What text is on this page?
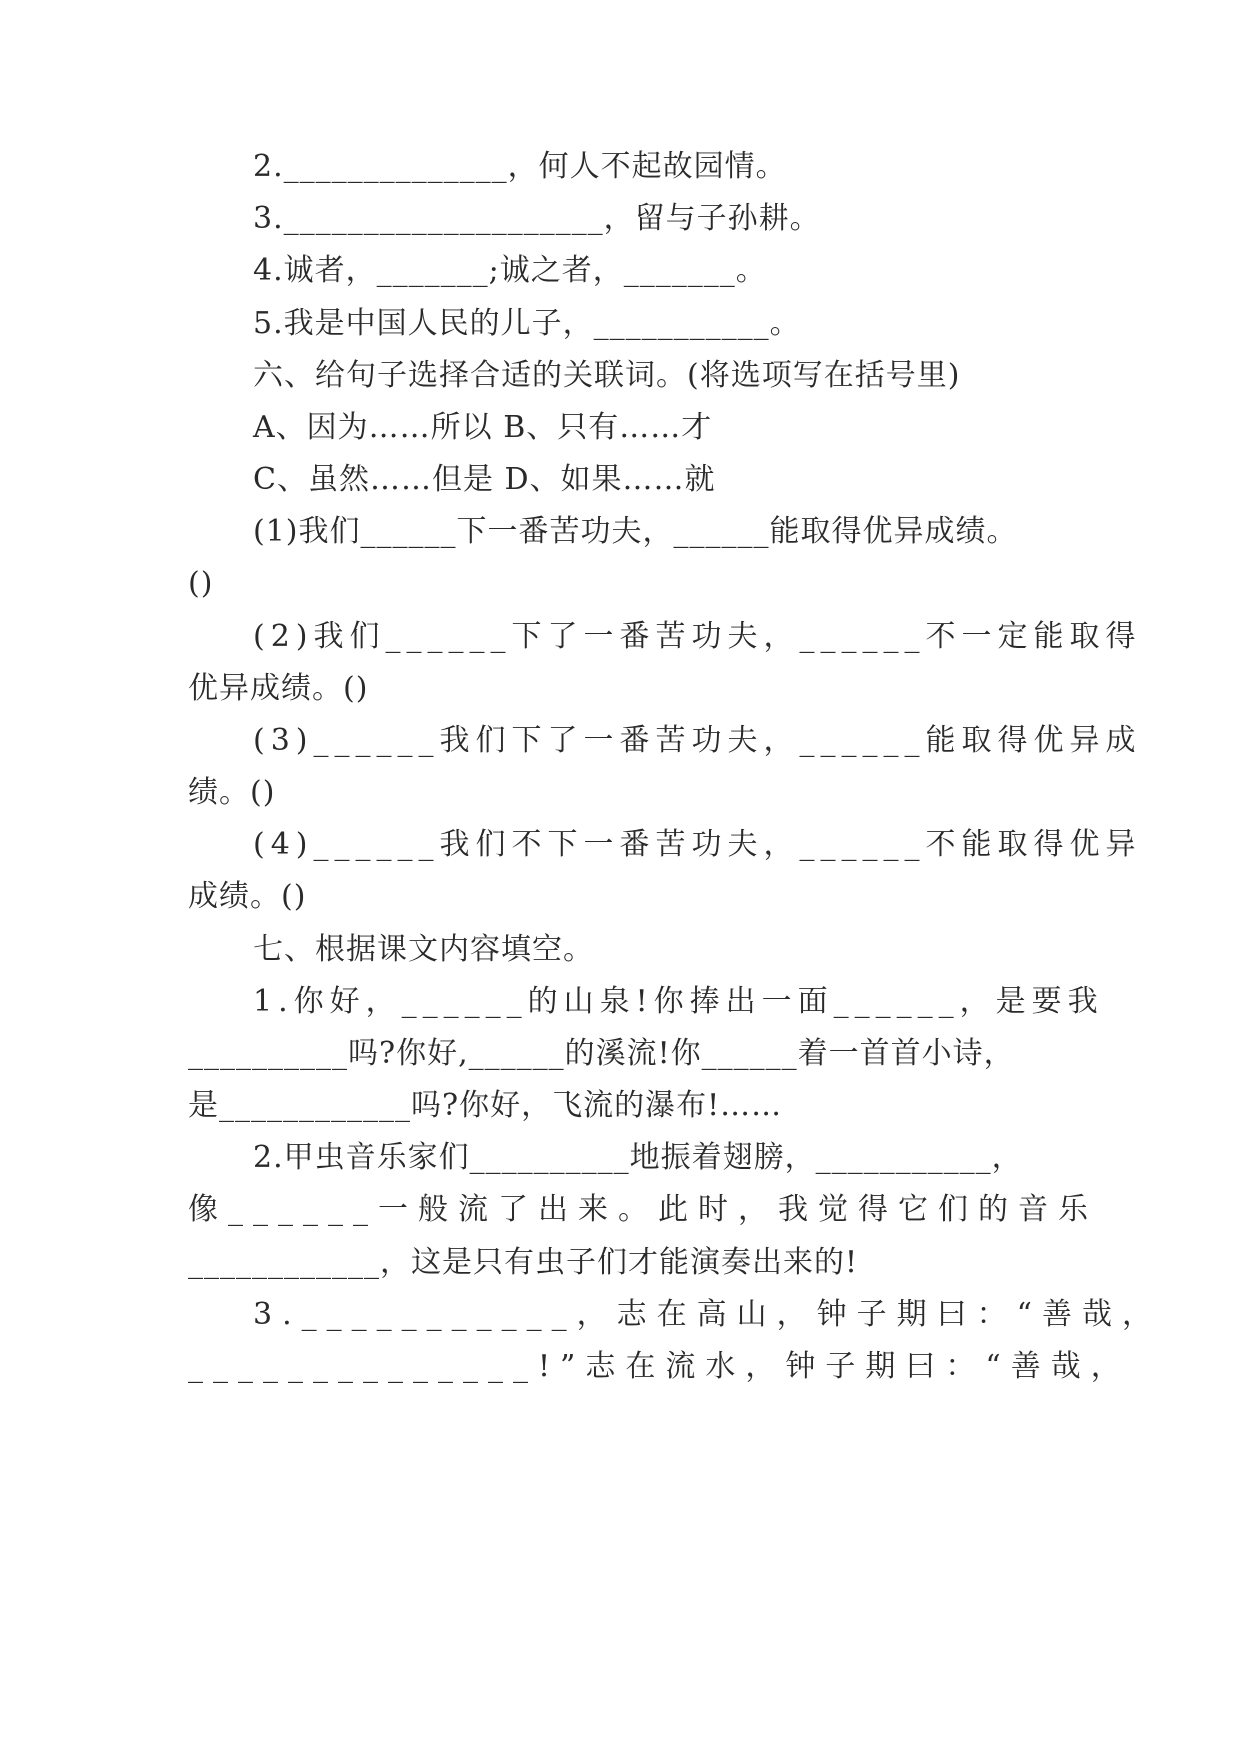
2.______________，何人不起故园情。
3.____________________，留与子孙耕。
4.诚者，_______;诚之者，_______。
5.我是中国人民的儿子，___________。
六、给句子选择合适的关联词。(将选项写在括号里)
A、因为……所以 B、只有……才
C、虽然……但是 D、如果……就
(1)我们______下一番苦功夫，______能取得优异成绩。
()
(2)我们______下了一番苦功夫，______不一定能取得
优异成绩。()
(3)______我们下了一番苦功夫，______能取得优异成
绩。()
(4)______我们不下一番苦功夫，______不能取得优异
成绩。()
七、根据课文内容填空。
1.你好，______的山泉!你捧出一面______，是要我
__________吗?你好,______的溪流!你______着一首首小诗，
是____________吗?你好，飞流的瀑布!……
2.甲虫音乐家们__________地振着翅膀，___________，
像______一般流了出来。此时，我觉得它们的音乐
____________，这是只有虫子们才能演奏出来的!
3.___________，志在高山，钟子期曰：“善哉，
______________!”志在流水，钟子期曰：“善哉，
